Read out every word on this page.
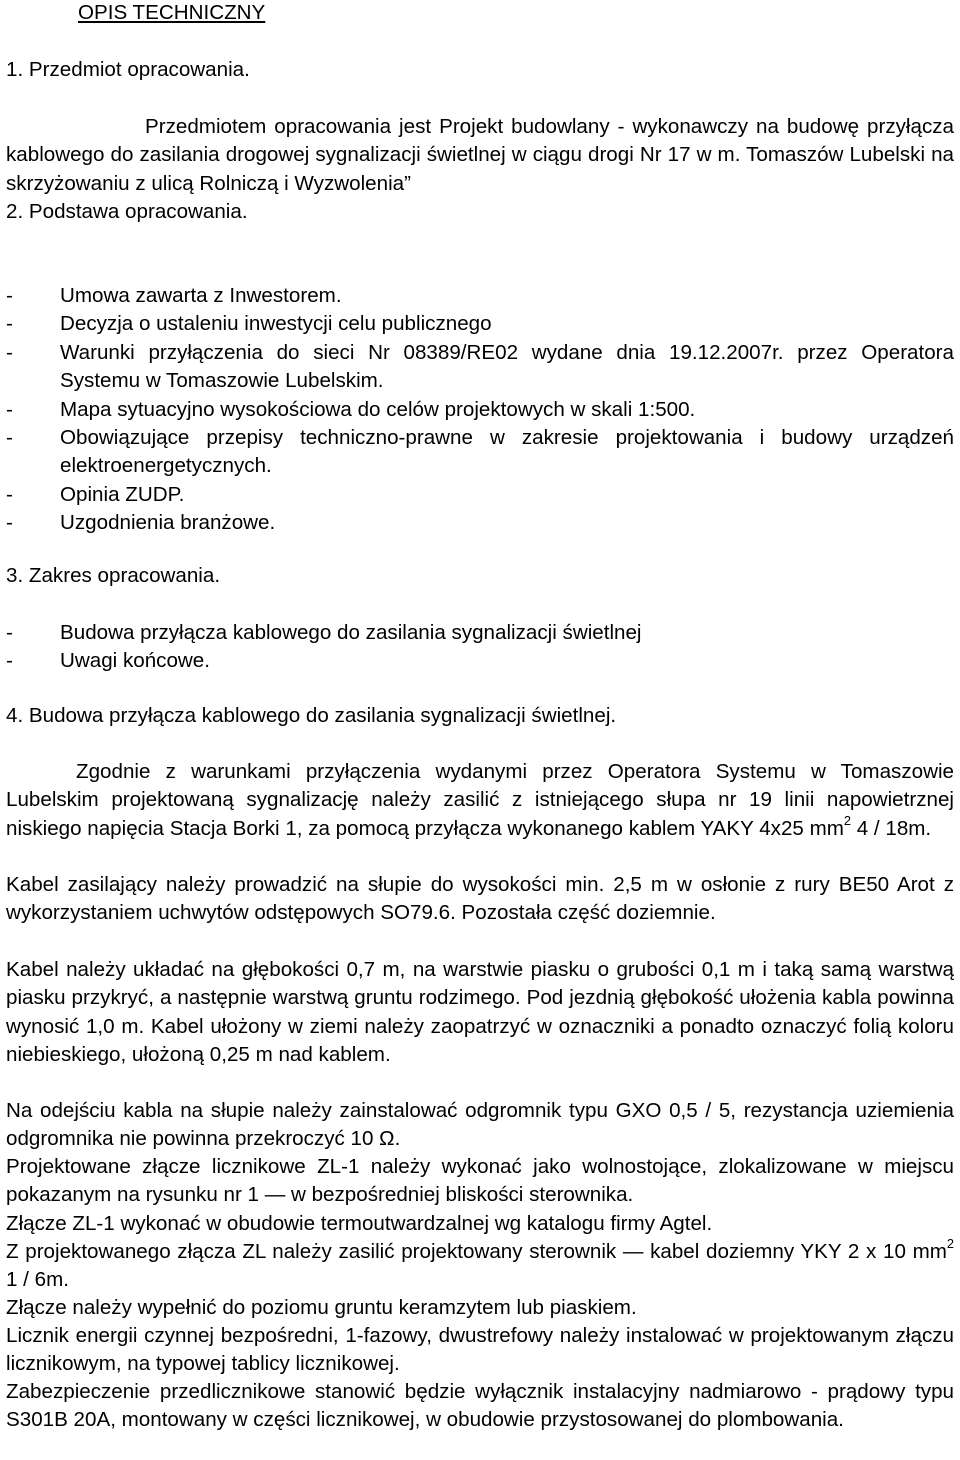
OPIS TECHNICZNY
1. Przedmiot opracowania.
Przedmiotem opracowania jest Projekt budowlany - wykonawczy na budowę przyłącza kablowego do zasilania drogowej sygnalizacji świetlnej w ciągu drogi Nr 17 w m. Tomaszów Lubelski na skrzyżowaniu z ulicą Rolniczą i Wyzwolenia”
2. Podstawa opracowania.
- Umowa zawarta z Inwestorem.
- Decyzja o ustaleniu inwestycji celu publicznego
- Warunki przyłączenia do sieci Nr 08389/RE02 wydane dnia 19.12.2007r. przez Operatora Systemu w Tomaszowie Lubelskim.
- Mapa sytuacyjno wysokościowa do celów projektowych w skali 1:500.
- Obowiązujące przepisy techniczno-prawne w zakresie projektowania i budowy urządzeń elektroenergetycznych.
- Opinia ZUDP.
- Uzgodnienia branżowe.
3. Zakres opracowania.
- Budowa przyłącza kablowego do zasilania sygnalizacji świetlnej
- Uwagi końcowe.
4. Budowa przyłącza kablowego do zasilania sygnalizacji świetlnej.
Zgodnie z warunkami przyłączenia wydanymi przez Operatora Systemu w Tomaszowie Lubelskim projektowaną sygnalizację należy zasilić z istniejącego słupa nr 19 linii napowietrznej niskiego napięcia Stacja Borki 1, za pomocą przyłącza wykonanego kablem YAKY 4x25 $mm^2$ 4 / 18m.
Kabel zasilający należy prowadzić na słupie do wysokości min. 2,5 m w osłonie z rury BE50 Arot z wykorzystaniem uchwytów odstępowych SO79.6. Pozostała część doziemnie.
Kabel należy układać na głębokości 0,7 m, na warstwie piasku o grubości 0,1 m i taką samą warstwą piasku przykryć, a następnie warstwą gruntu rodzimego. Pod jezdnią głębokość ułożenia kabla powinna wynosić 1,0 m. Kabel ułożony w ziemi należy zaopatrzyć w oznaczniki a ponadto oznaczyć folią koloru niebieskiego, ułożoną 0,25 m nad kablem.
Na odejściu kabla na słupie należy zainstalować odgromnik typu GXO 0,5 / 5, rezystancja uziemienia odgromnika nie powinna przekroczyć 10 Ω.
Projektowane złącze licznikowe ZL-1 należy wykonać jako wolnostojące, zlokalizowane w miejscu pokazanym na rysunku nr 1 — w bezpośredniej bliskości sterownika.
Złącze ZL-1 wykonać w obudowie termoutwardzalnej wg katalogu firmy Agtel.
Z projektowanego złącza ZL należy zasilić projektowany sterownik — kabel doziemny YKY 2 x 10 $mm^2$ 1 / 6m.
Złącze należy wypełnić do poziomu gruntu keramzytem lub piaskiem.
Licznik energii czynnej bezpośredni, 1-fazowy, dwustrefowy należy instalować w projektowanym złączu licznikowym, na typowej tablicy licznikowej.
Zabezpieczenie przedlicznikowe stanowić będzie wyłącznik instalacyjny nadmiarowo - prądowy typu S301B 20A, montowany w części licznikowej, w obudowie przystosowanej do plombowania.
